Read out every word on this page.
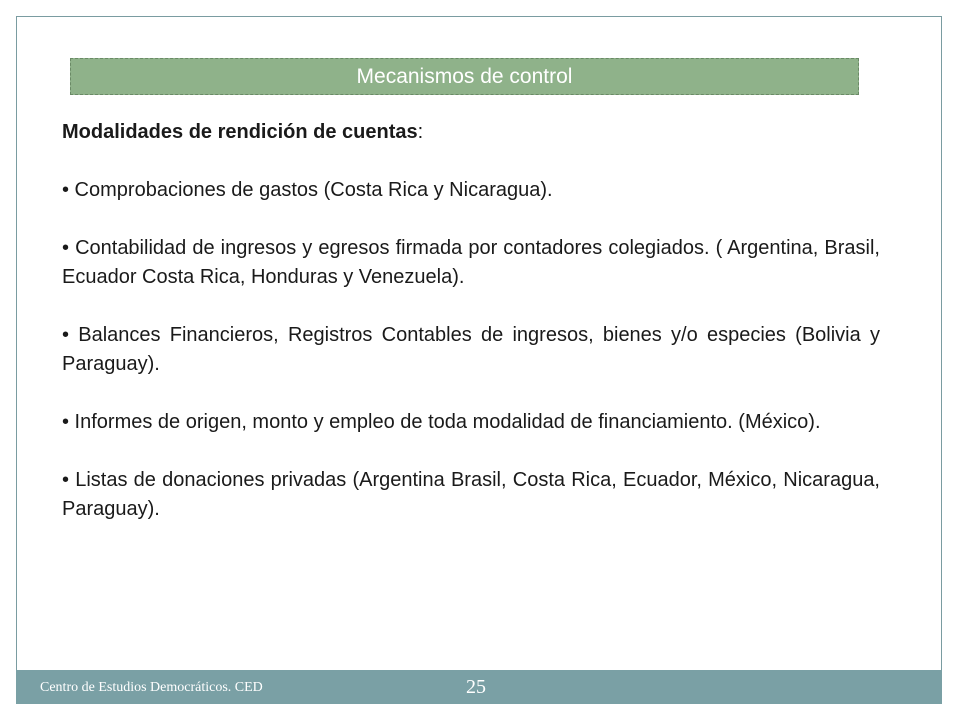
Mecanismos de control
Modalidades de rendición de cuentas:
• Comprobaciones de gastos (Costa Rica y Nicaragua).
• Contabilidad de ingresos y egresos firmada por contadores colegiados. ( Argentina, Brasil, Ecuador Costa Rica, Honduras y Venezuela).
• Balances Financieros, Registros Contables de ingresos, bienes y/o especies (Bolivia y Paraguay).
• Informes de origen, monto y empleo de toda modalidad de financiamiento. (México).
• Listas de donaciones privadas (Argentina Brasil, Costa Rica, Ecuador, México, Nicaragua, Paraguay).
Centro de Estudios Democráticos. CED	25
